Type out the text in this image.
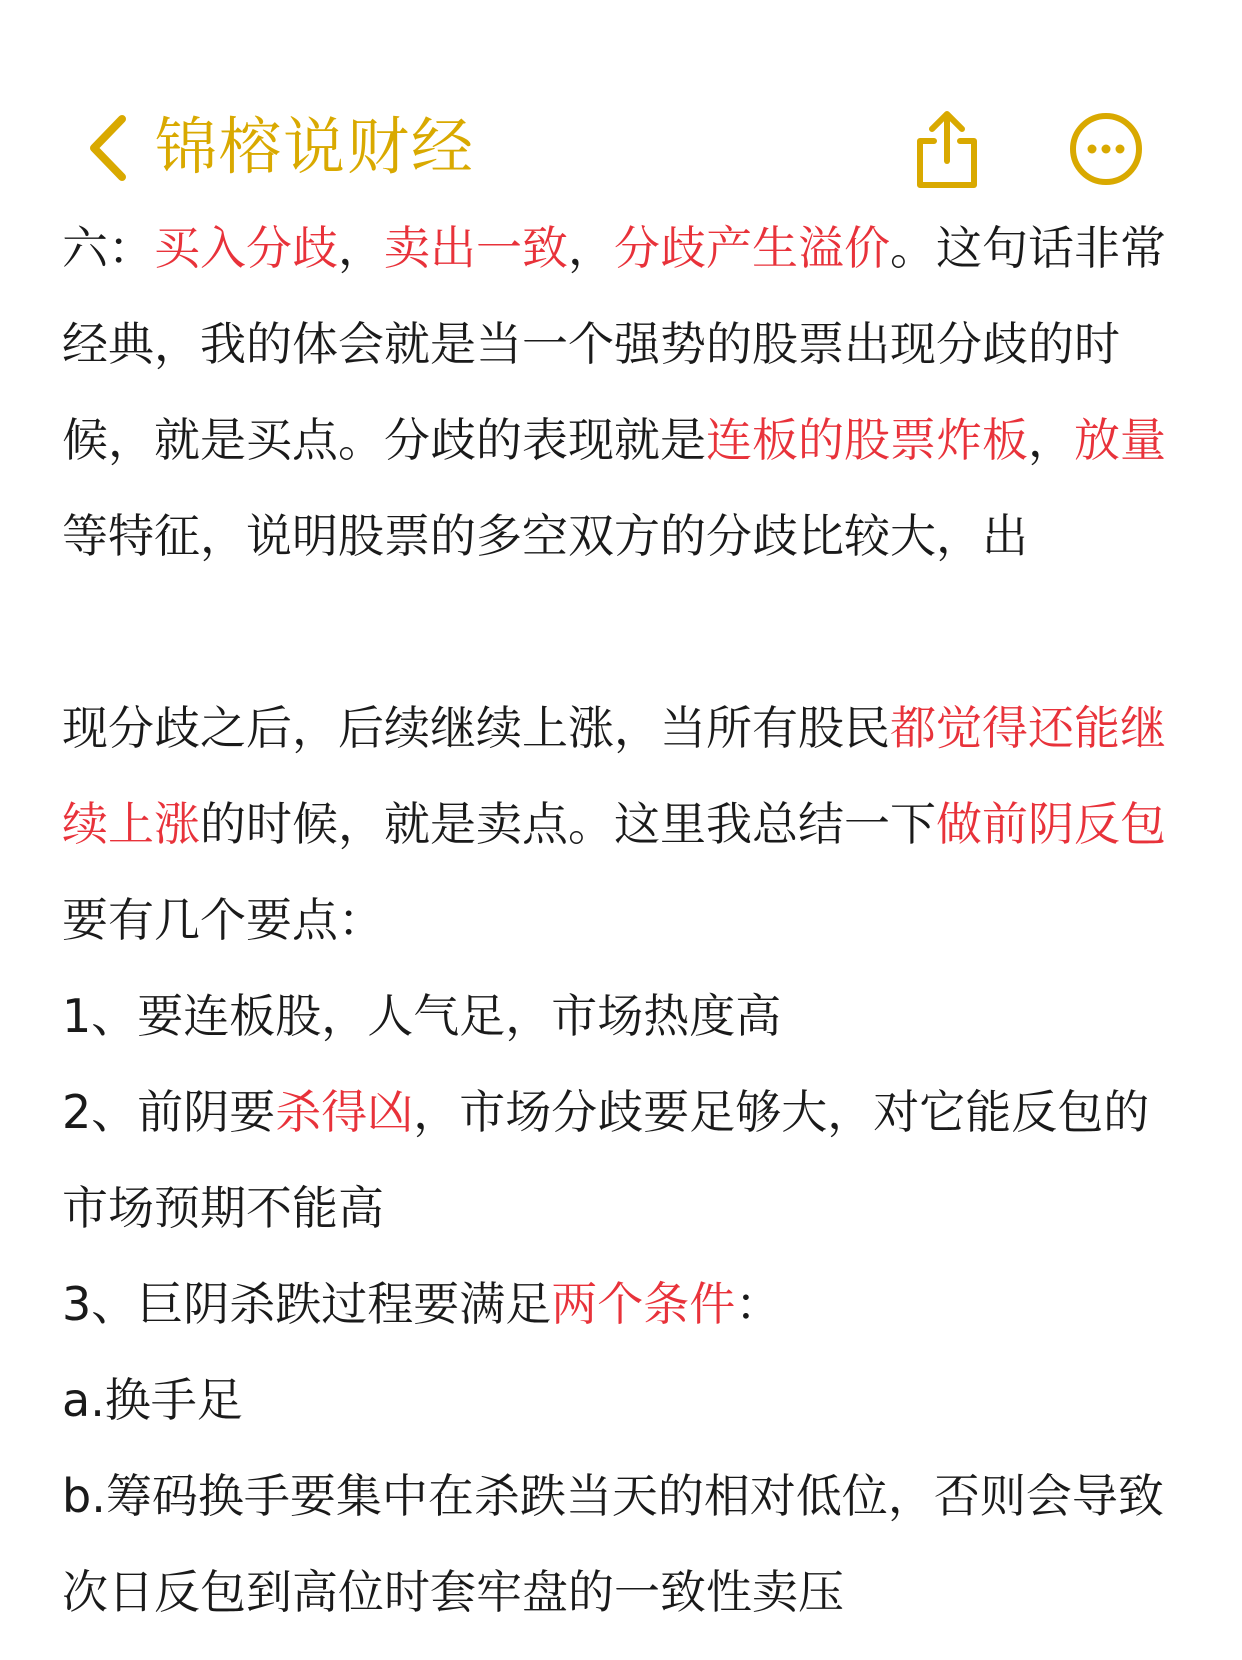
锦榕说财经

六：买入分歧，卖出一致，分歧产生溢价。这句话非常经典，我的体会就是当一个强势的股票出现分歧的时候，就是买点。分歧的表现就是连板的股票炸板，放量等特征，说明股票的多空双方的分歧比较大，出

现分歧之后，后续继续上涨，当所有股民都觉得还能继续上涨的时候，就是卖点。这里我总结一下做前阴反包要有几个要点：

1、要连板股，人气足，市场热度高

2、前阴要杀得凶，市场分歧要足够大，对它能反包的市场预期不能高

3、巨阴杀跌过程要满足两个条件：

a.换手足

b.筹码换手要集中在杀跌当天的相对低位，否则会导致次日反包到高位时套牢盘的一致性卖压
